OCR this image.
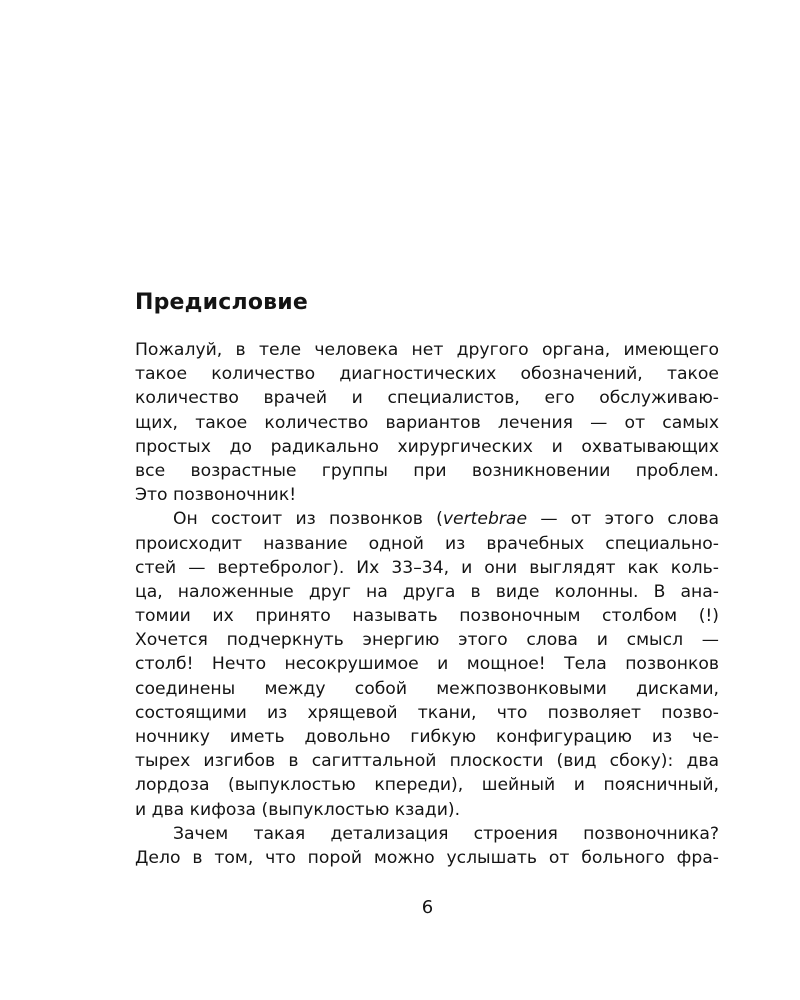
Предисловие

Пожалуй, в теле человека нет другого органа, имеющего
такое количество диагностических обозначений, такое
количество врачей и специалистов, его обслуживаю-
щих, такое количество вариантов лечения — от самых
простых до радикально хирургических и охватывающих
все возрастные группы при возникновении проблем.
Это позвоночник!

Он состоит из позвонков (vertebrae — от этого слова
происходит название одной из врачебных специально-
стей — вертебролог). Их 33–34, и они выглядят как коль-
ца, наложенные друг на друга в виде колонны. В ана-
томии их принято называть позвоночным столбом (!)
Хочется подчеркнуть энергию этого слова и смысл —
столб! Нечто несокрушимое и мощное! Тела позвонков
соединены между собой межпозвонковыми дисками,
состоящими из хрящевой ткани, что позволяет позво-
ночнику иметь довольно гибкую конфигурацию из че-
тырех изгибов в сагиттальной плоскости (вид сбоку): два
лордоза (выпуклостью кпереди), шейный и поясничный,
и два кифоза (выпуклостью кзади).

Зачем такая детализация строения позвоночника?
Дело в том, что порой можно услышать от больного фра-

6
